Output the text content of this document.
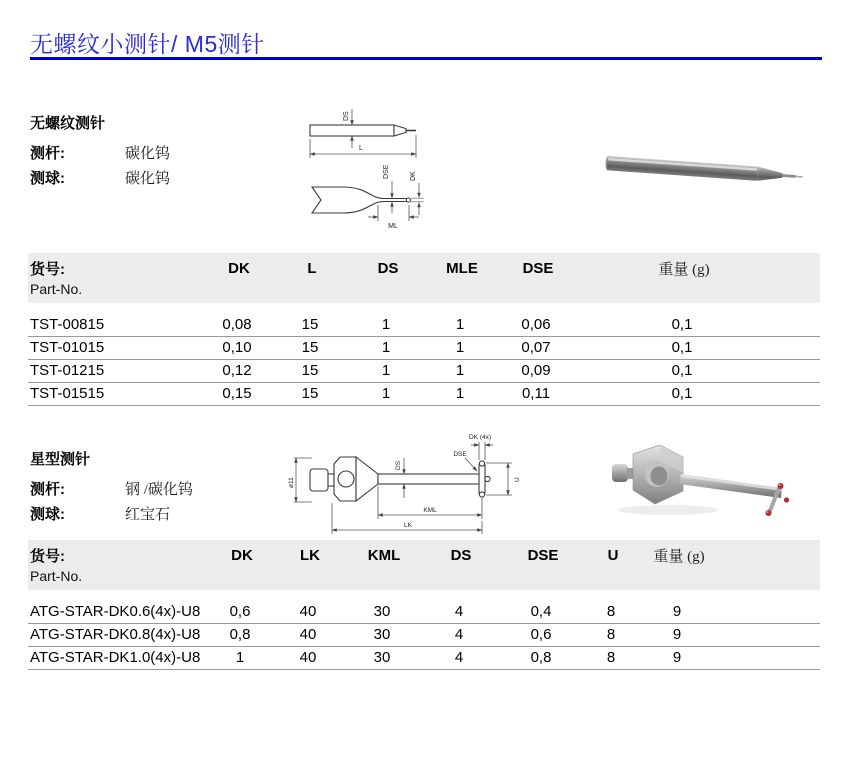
无螺纹小测针/ M5测针
无螺纹测针
测杆:	碳化钨
测球:	碳化钨
DS
L
DSE	DK
ML
货号:	DK	L	DS	MLE	DSE	重量 (g)
Part-No.
TST-00815	0,08	15	1	1	0,06	0,1
TST-01015	0,10	15	1	1	0,07	0,1
TST-01215	0,12	15	1	1	0,09	0,1
TST-01515	0,15	15	1	1	0,11	0,1
星型测针
测杆:	钢 /碳化钨
测球:	红宝石
ø11
DS
DK (4x)
DSE
U
KML
LK
货号:	DK	LK	KML	DS	DSE	U	重量 (g)
Part-No.
ATG-STAR-DK0.6(4x)-U8	0,6	40	30	4	0,4	8	9
ATG-STAR-DK0.8(4x)-U8	0,8	40	30	4	0,6	8	9
ATG-STAR-DK1.0(4x)-U8	1	40	30	4	0,8	8	9
